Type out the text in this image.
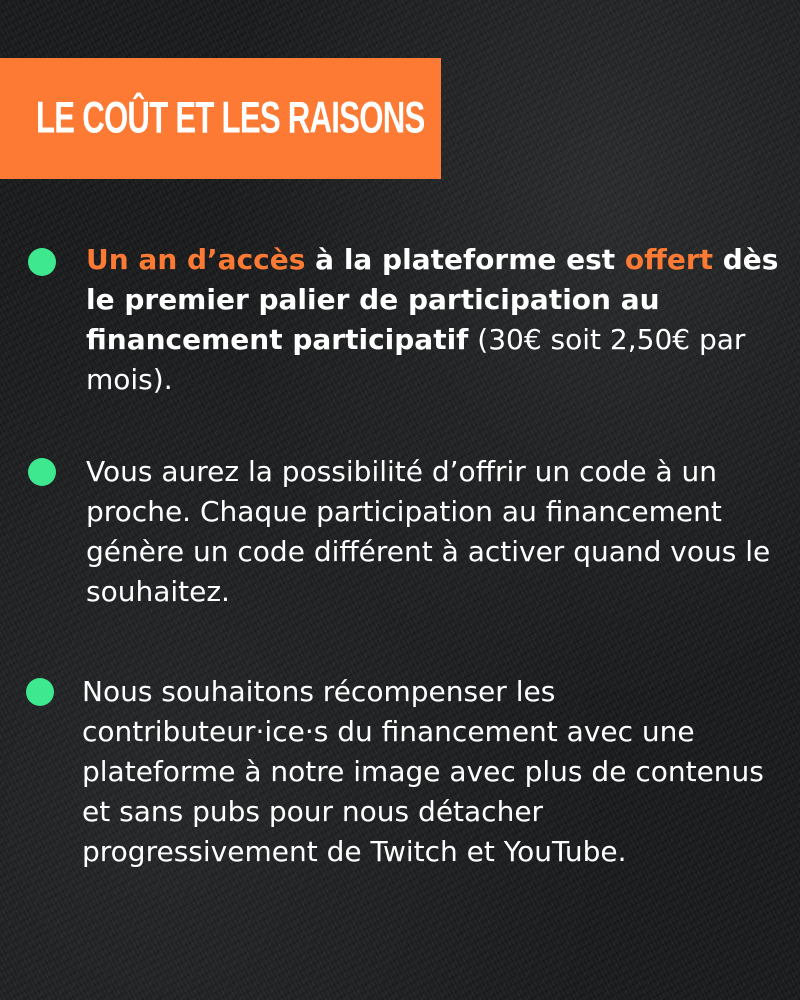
LE COÛT ET LES RAISONS
Un an d’accès à la plateforme est offert dès le premier palier de participation au financement participatif (30€ soit 2,50€ par mois).
Vous aurez la possibilité d’offrir un code à un proche. Chaque participation au financement génère un code différent à activer quand vous le souhaitez.
Nous souhaitons récompenser les contributeur·ice·s du financement avec une plateforme à notre image avec plus de contenus et sans pubs pour nous détacher progressivement de Twitch et YouTube.
